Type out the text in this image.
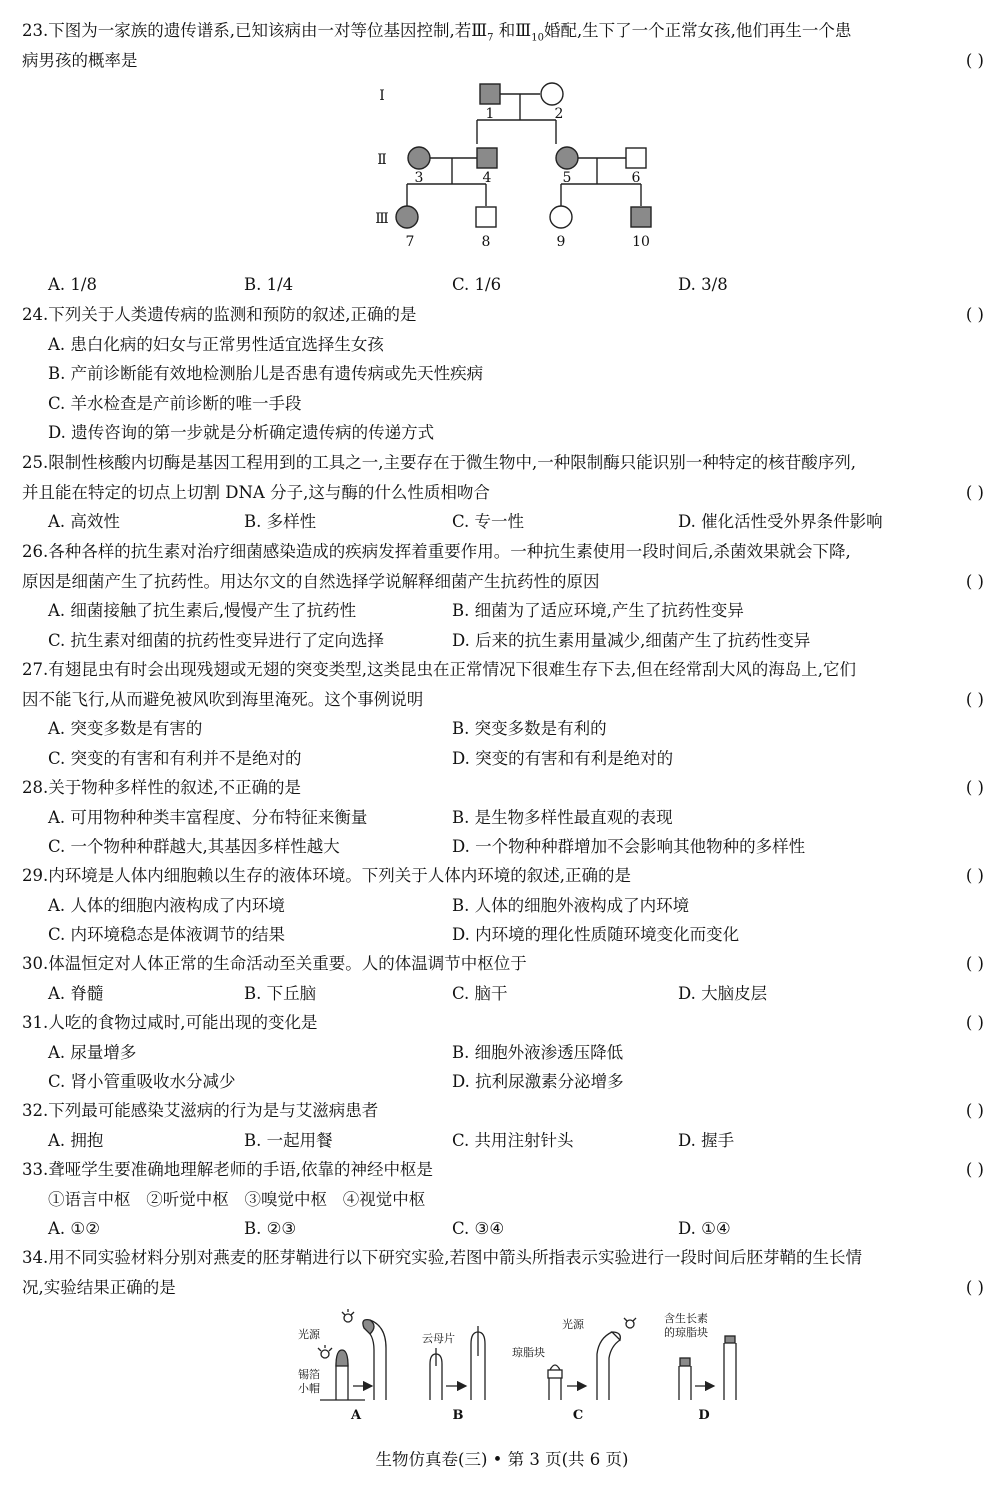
23.下图为一家族的遗传谱系,已知该病由一对等位基因控制,若$Ⅲ_7$ 和$Ⅲ_{10}$婚配,生下了一个正常女孩,他们再生一个患
病男孩的概率是	( )
Ⅰ
Ⅱ
Ⅲ
1	2
3	4	5	6
7	8	9	10
A. 1/8	B. 1/4	C. 1/6	D. 3/8
24.下列关于人类遗传病的监测和预防的叙述,正确的是	( )
A. 患白化病的妇女与正常男性适宜选择生女孩
B. 产前诊断能有效地检测胎儿是否患有遗传病或先天性疾病
C. 羊水检查是产前诊断的唯一手段
D. 遗传咨询的第一步就是分析确定遗传病的传递方式
25.限制性核酸内切酶是基因工程用到的工具之一,主要存在于微生物中,一种限制酶只能识别一种特定的核苷酸序列,
并且能在特定的切点上切割 DNA 分子,这与酶的什么性质相吻合	( )
A. 高效性	B. 多样性	C. 专一性	D. 催化活性受外界条件影响
26.各种各样的抗生素对治疗细菌感染造成的疾病发挥着重要作用。一种抗生素使用一段时间后,杀菌效果就会下降,
原因是细菌产生了抗药性。用达尔文的自然选择学说解释细菌产生抗药性的原因	( )
A. 细菌接触了抗生素后,慢慢产生了抗药性	B. 细菌为了适应环境,产生了抗药性变异
C. 抗生素对细菌的抗药性变异进行了定向选择	D. 后来的抗生素用量减少,细菌产生了抗药性变异
27.有翅昆虫有时会出现残翅或无翅的突变类型,这类昆虫在正常情况下很难生存下去,但在经常刮大风的海岛上,它们
因不能飞行,从而避免被风吹到海里淹死。这个事例说明	( )
A. 突变多数是有害的	B. 突变多数是有利的
C. 突变的有害和有利并不是绝对的	D. 突变的有害和有利是绝对的
28.关于物种多样性的叙述,不正确的是	( )
A. 可用物种种类丰富程度、分布特征来衡量	B. 是生物多样性最直观的表现
C. 一个物种种群越大,其基因多样性越大	D. 一个物种种群增加不会影响其他物种的多样性
29.内环境是人体内细胞赖以生存的液体环境。下列关于人体内环境的叙述,正确的是	( )
A. 人体的细胞内液构成了内环境	B. 人体的细胞外液构成了内环境
C. 内环境稳态是体液调节的结果	D. 内环境的理化性质随环境变化而变化
30.体温恒定对人体正常的生命活动至关重要。人的体温调节中枢位于	( )
A. 脊髓	B. 下丘脑	C. 脑干	D. 大脑皮层
31.人吃的食物过咸时,可能出现的变化是	( )
A. 尿量增多	B. 细胞外液渗透压降低
C. 肾小管重吸收水分减少	D. 抗利尿激素分泌增多
32.下列最可能感染艾滋病的行为是与艾滋病患者	( )
A. 拥抱	B. 一起用餐	C. 共用注射针头	D. 握手
33.聋哑学生要准确地理解老师的手语,依靠的神经中枢是	( )
①语言中枢   ②听觉中枢   ③嗅觉中枢   ④视觉中枢
A. ①②	B. ②③	C. ③④	D. ①④
34.用不同实验材料分别对燕麦的胚芽鞘进行以下研究实验,若图中箭头所指表示实验进行一段时间后胚芽鞘的生长情
况,实验结果正确的是	( )
光源
锡箔
小帽
云母片
琼脂块
光源	含生长素
的琼脂块
A	B	C	D
生物仿真卷(三) • 第 3 页(共 6 页)
